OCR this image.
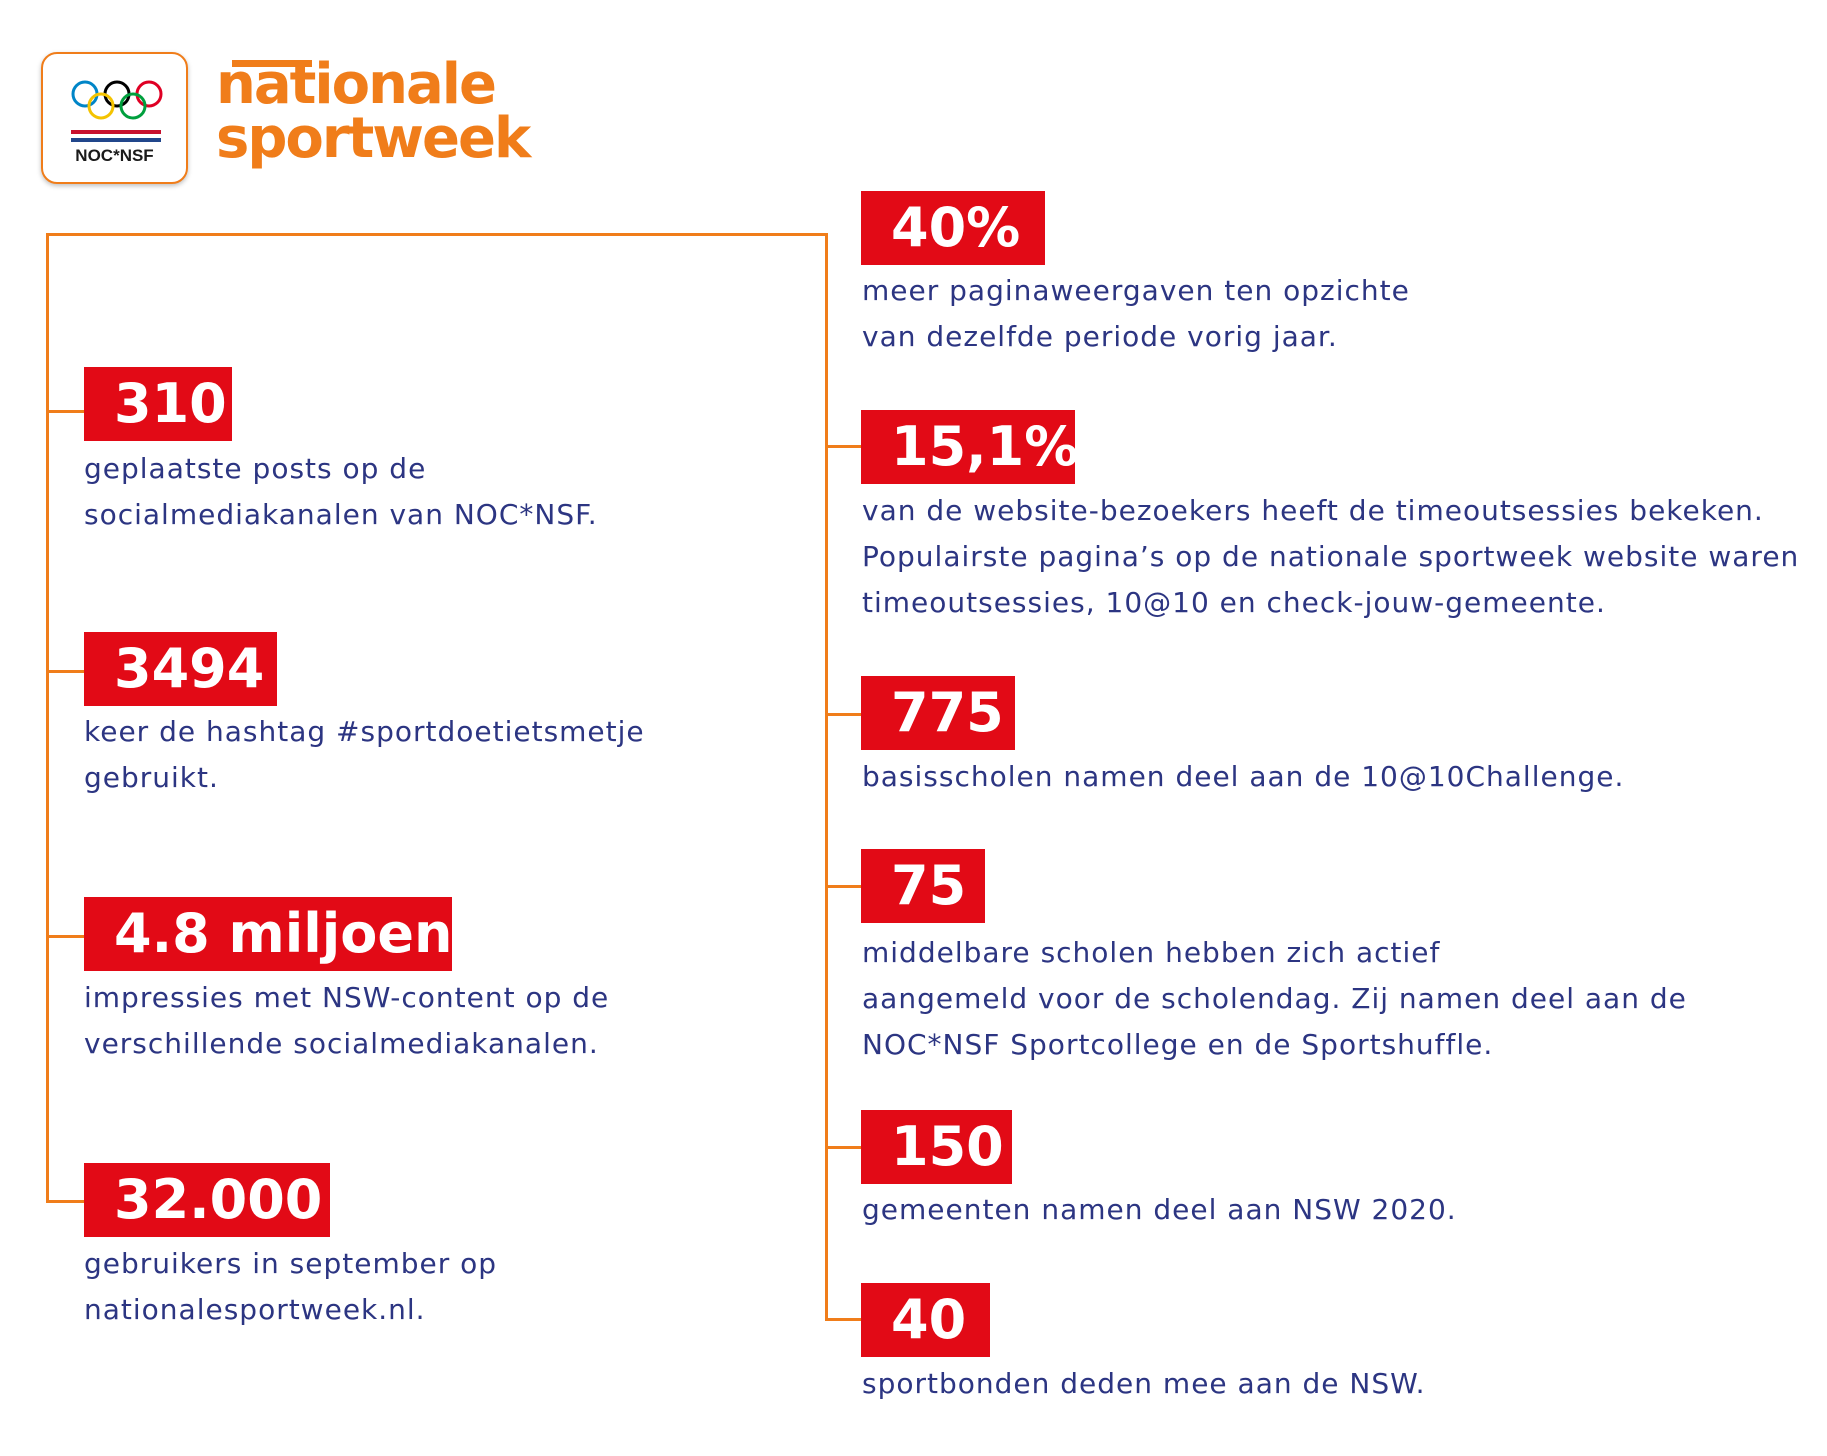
NOC*NSF
nationale
sportweek
310
geplaatste posts op de
socialmediakanalen van NOC*NSF.
3494
keer de hashtag #sportdoetietsmetje
gebruikt.
4.8 miljoen
impressies met NSW-content op de
verschillende socialmediakanalen.
32.000
gebruikers in september op
nationalesportweek.nl.
40%
meer paginaweergaven ten opzichte
van dezelfde periode vorig jaar.
15,1%
van de website-bezoekers heeft de timeoutsessies bekeken.
Populairste pagina’s op de nationale sportweek website waren
timeoutsessies, 10@10 en check-jouw-gemeente.
775
basisscholen namen deel aan de 10@10Challenge.
75
middelbare scholen hebben zich actief
aangemeld voor de scholendag. Zij namen deel aan de
NOC*NSF Sportcollege en de Sportshuffle.
150
gemeenten namen deel aan NSW 2020.
40
sportbonden deden mee aan de NSW.
